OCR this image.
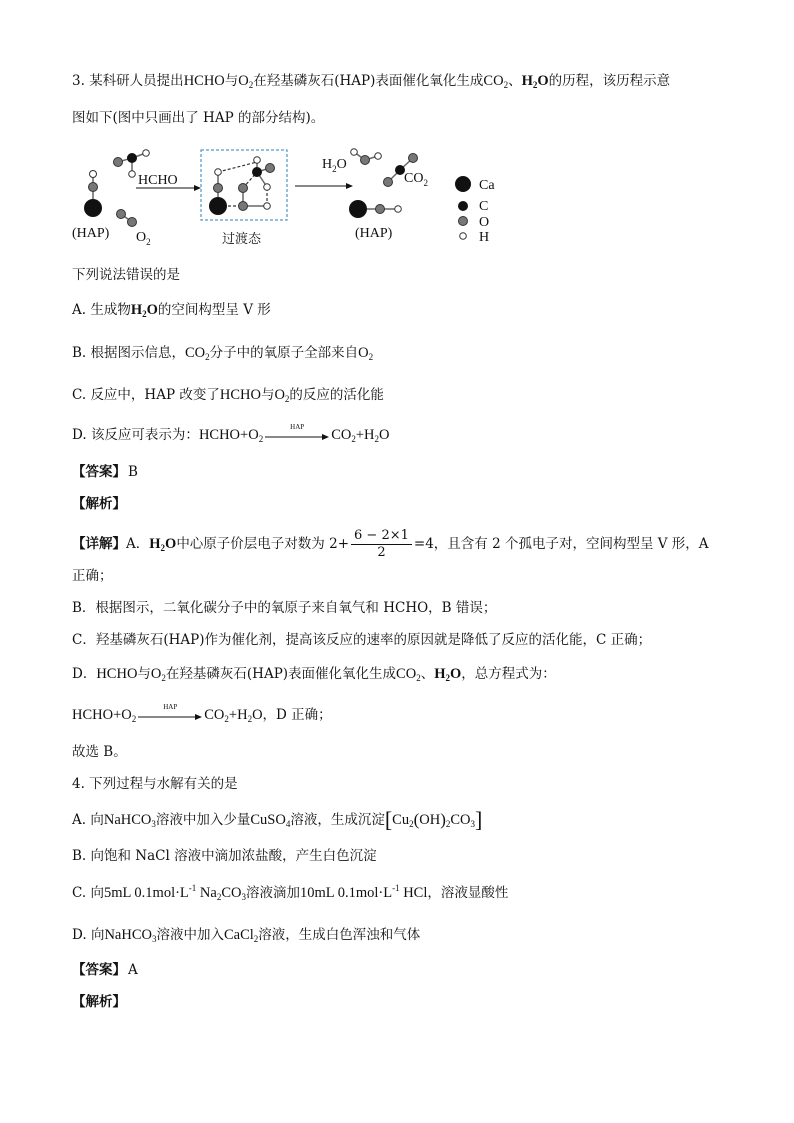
3. 某科研人员提出HCHO与$O_2$在羟基磷灰石(HAP)表面催化氧化生成$CO_2$、$H_2O$的历程，该历程示意
图如下(图中只画出了 HAP 的部分结构)。
(HAP) $O_2$
HCHO
过渡态
$H_2O$
$CO_2$
(HAP)
Ca
C
O
H
下列说法错误的是
A. 生成物$H_2O$的空间构型呈 V 形
B. 根据图示信息，$CO_2$分子中的氧原子全部来自$O_2$
C. 反应中，HAP 改变了HCHO与$O_2$的反应的活化能
D. 该反应可表示为：$HCHO+O_2$
HAP
$CO_2+H_2O$
【答案】 B
【解析】
【详解】A．$H_2O$中心原子价层电子对数为 $2+ \frac{6 - 2\times 1}{2} =4$，且含有 2 个孤电子对，空间构型呈 V 形，A
正确；
B．根据图示，二氧化碳分子中的氧原子来自氧气和 HCHO，B 错误；
C．羟基磷灰石(HAP)作为催化剂，提高该反应的速率的原因就是降低了反应的活化能，C 正确；
D．HCHO与$O_2$在羟基磷灰石(HAP)表面催化氧化生成$CO_2$、$H_2O$，总方程式为：
$HCHO+O_2$
HAP
$CO_2+H_2O$，D 正确；
故选 B。
4. 下列过程与水解有关的是
A. 向NaHCO$_3$溶液中加入少量CuSO$_4$溶液，生成沉淀$[Cu_2(OH)_2CO_3]$
B. 向饱和 NaCl 溶液中滴加浓盐酸，产生白色沉淀
C. 向5mL $0.1mol\cdot L^{-1}$ $Na_2CO_3$溶液滴加10mL $0.1mol\cdot L^{-1}$ HCl，溶液显酸性
D. 向NaHCO$_3$溶液中加入CaCl$_2$溶液，生成白色浑浊和气体
【答案】 A
【解析】
